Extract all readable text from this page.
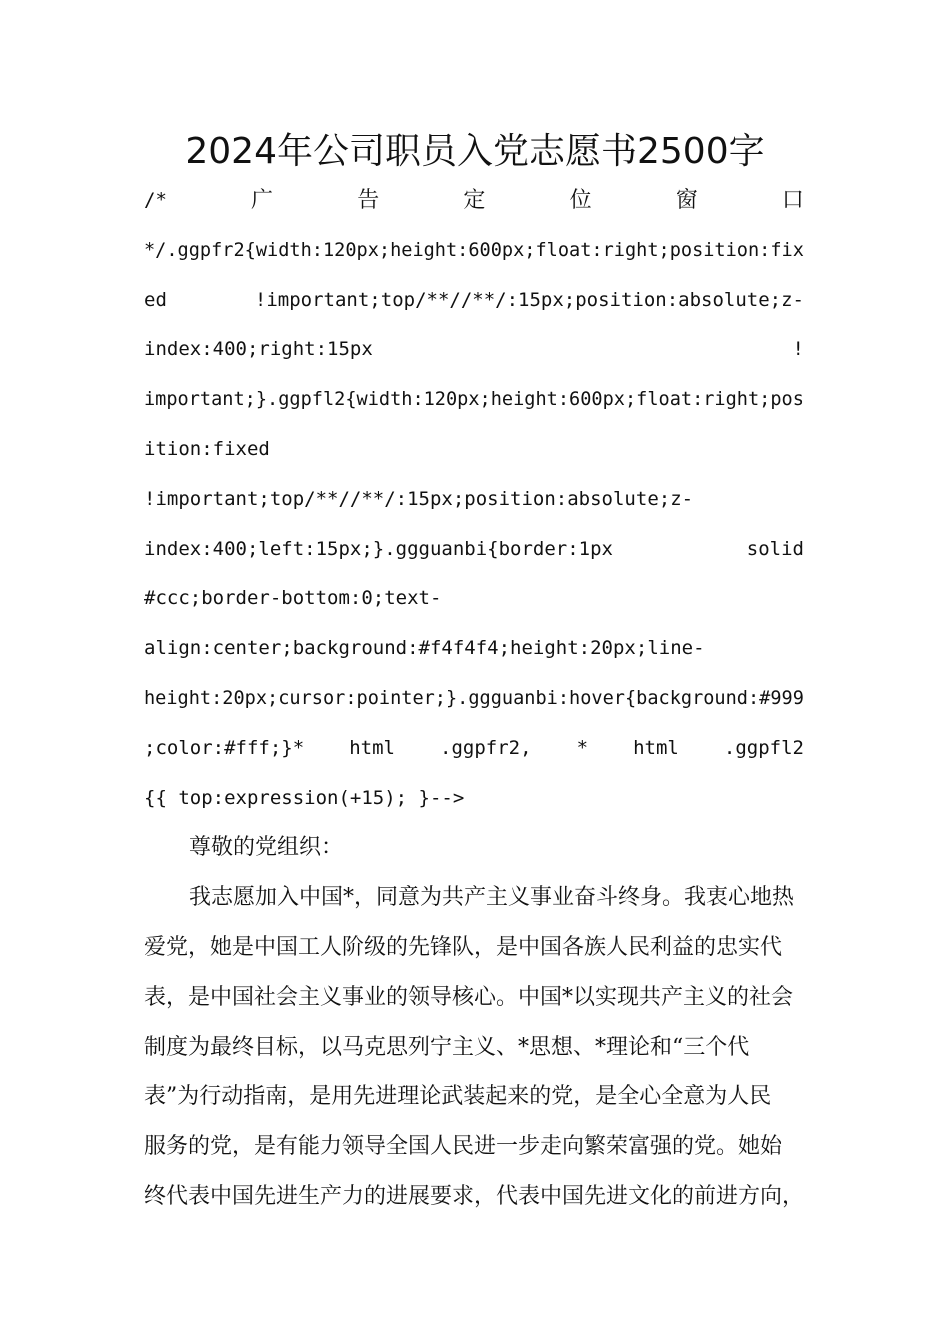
2024年公司职员入党志愿书2500字
/*	广	告	定	位	窗	口
*/.ggpfr2{width:120px;height:600px;float:right;position:fix
ed	!important;top/**//**/:15px;position:absolute;z-
index:400;right:15px	!
important;}.ggpfl2{width:120px;height:600px;float:right;pos
ition:fixed
!important;top/**//**/:15px;position:absolute;z-
index:400;left:15px;}.ggguanbi{border:1px	solid
#ccc;border-bottom:0;text-
align:center;background:#f4f4f4;height:20px;line-
height:20px;cursor:pointer;}.ggguanbi:hover{background:#999
;color:#fff;}* html .ggpfr2, * html .ggpfl2
{{ top:expression(+15); }-->
尊敬的党组织：
我志愿加入中国*，同意为共产主义事业奋斗终身。我衷心地热
爱党，她是中国工人阶级的先锋队，是中国各族人民利益的忠实代
表，是中国社会主义事业的领导核心。中国*以实现共产主义的社会
制度为最终目标，以马克思列宁主义、*思想、*理论和“三个代
表”为行动指南，是用先进理论武装起来的党，是全心全意为人民
服务的党，是有能力领导全国人民进一步走向繁荣富强的党。她始
终代表中国先进生产力的进展要求，代表中国先进文化的前进方向，
